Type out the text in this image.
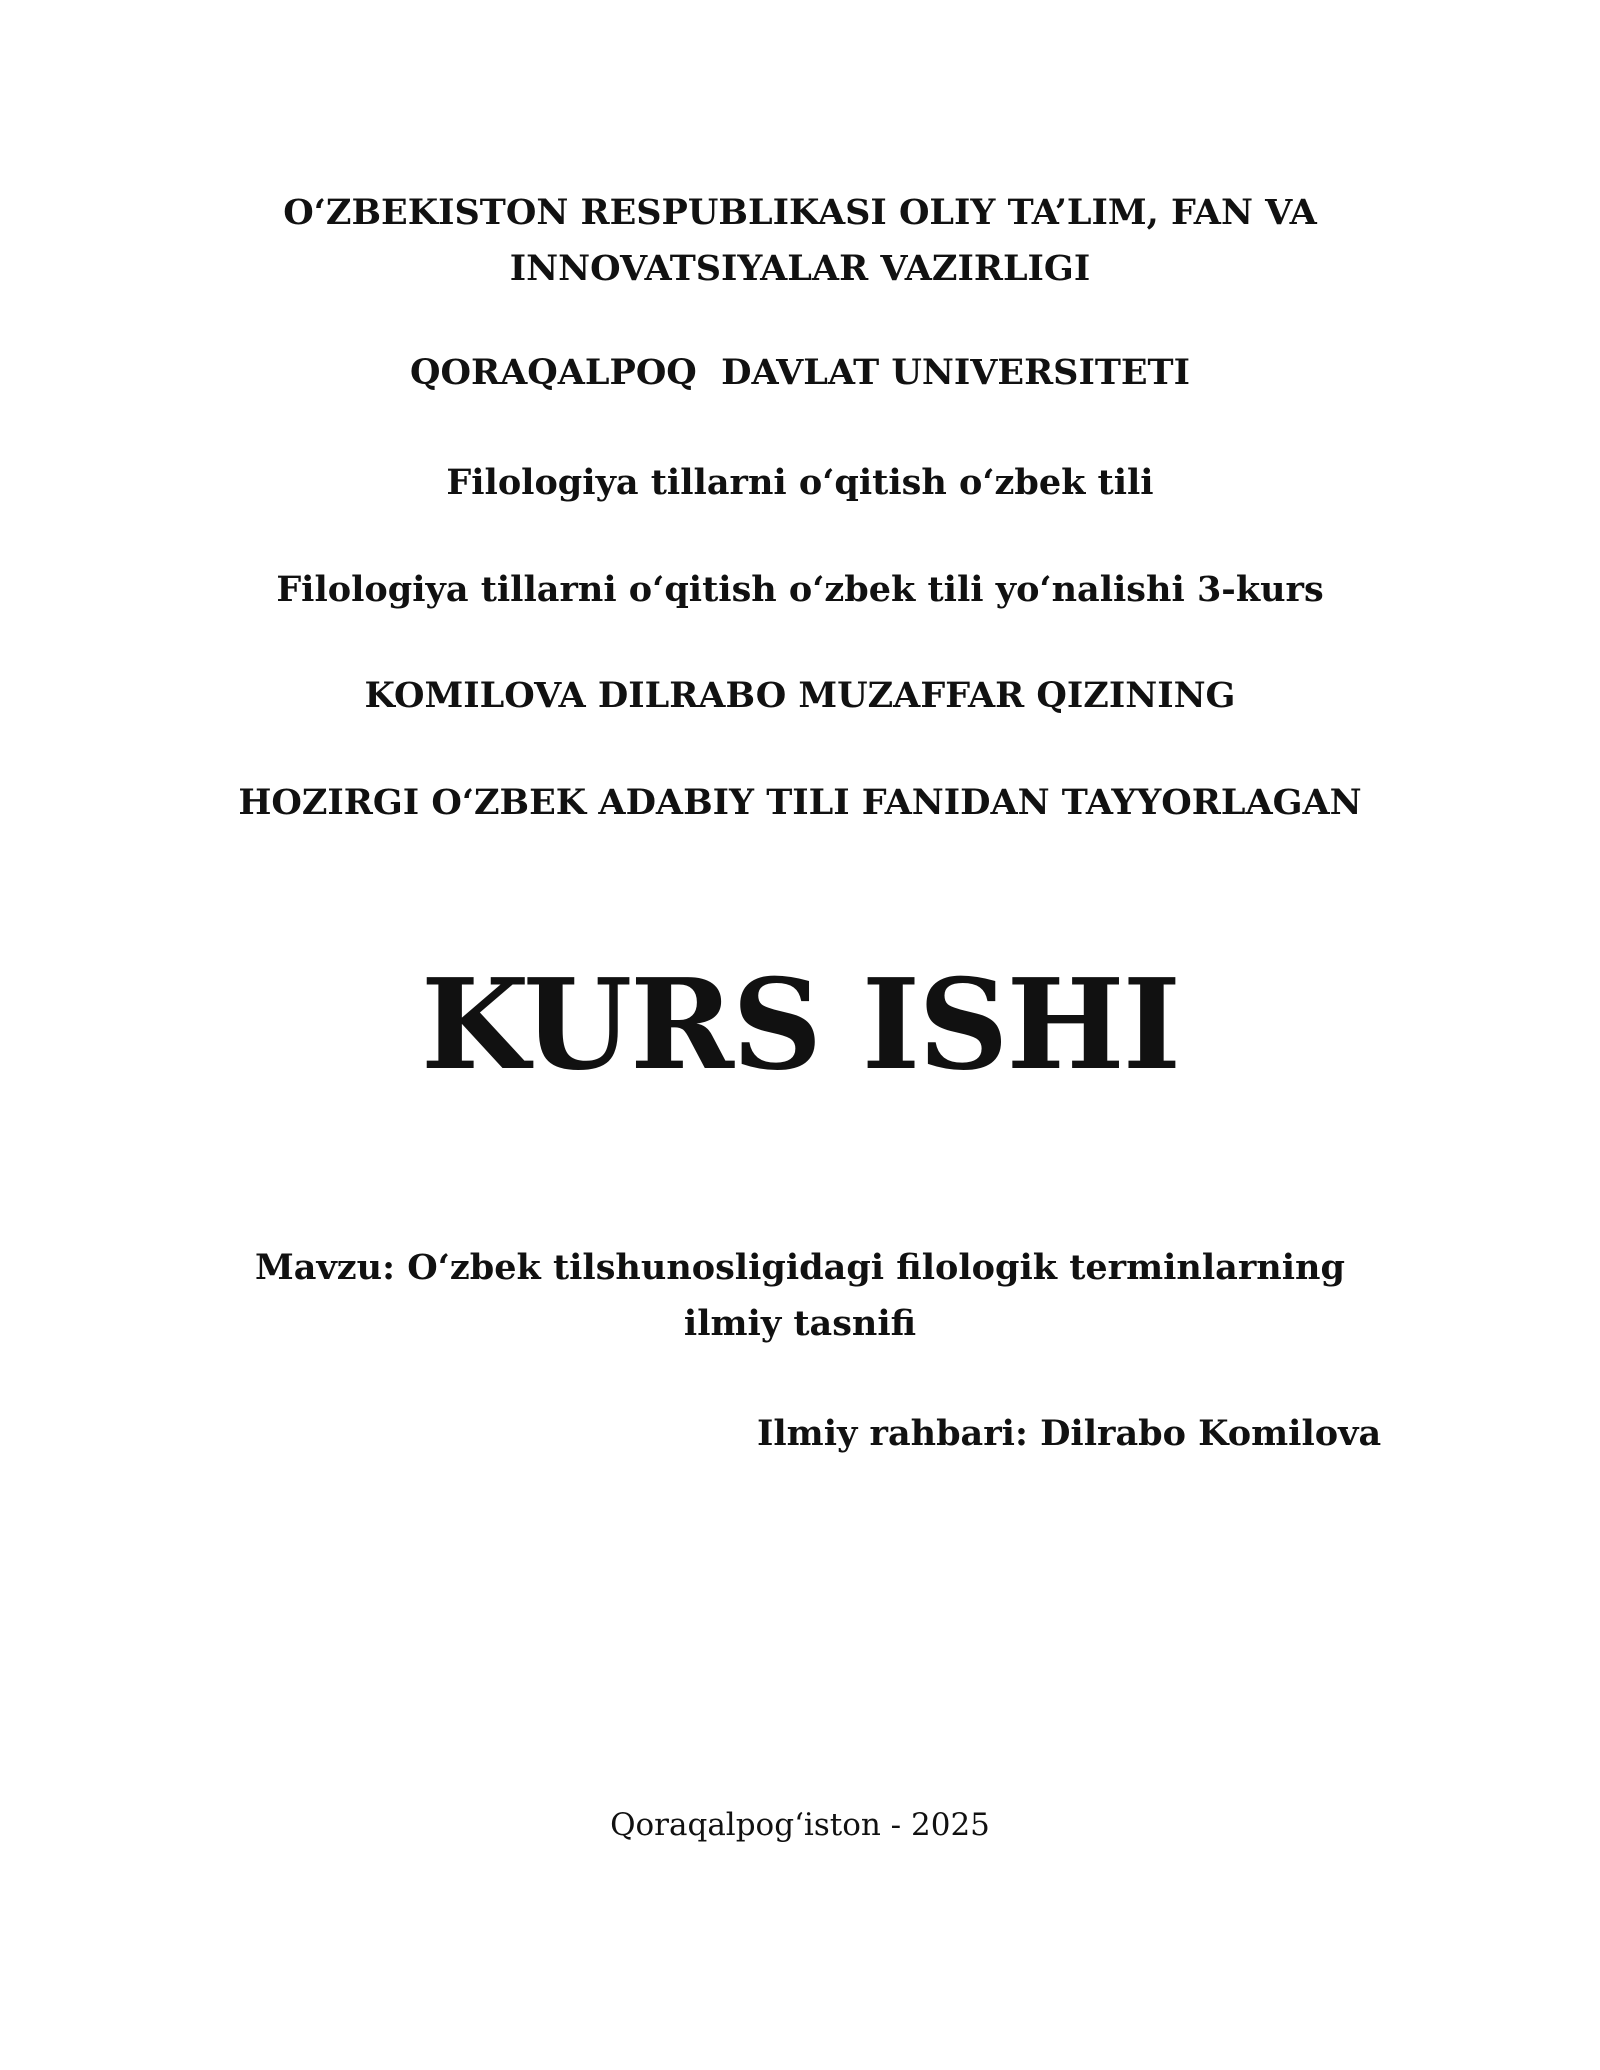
O‘ZBEKISTON RESPUBLIKASI OLIY TA’LIM, FAN VA
INNOVATSIYALAR VAZIRLIGI
QORAQALPOQ  DAVLAT UNIVERSITETI
Filologiya tillarni o‘qitish o‘zbek tili
Filologiya tillarni o‘qitish o‘zbek tili yo‘nalishi 3-kurs
KOMILOVA DILRABO MUZAFFAR QIZINING
HOZIRGI O‘ZBEK ADABIY TILI FANIDAN TAYYORLAGAN
KURS ISHI
Mavzu: O‘zbek tilshunosligidagi filologik terminlarning
ilmiy tasnifi
Ilmiy rahbari: Dilrabo Komilova
Qoraqalpog‘iston - 2025
